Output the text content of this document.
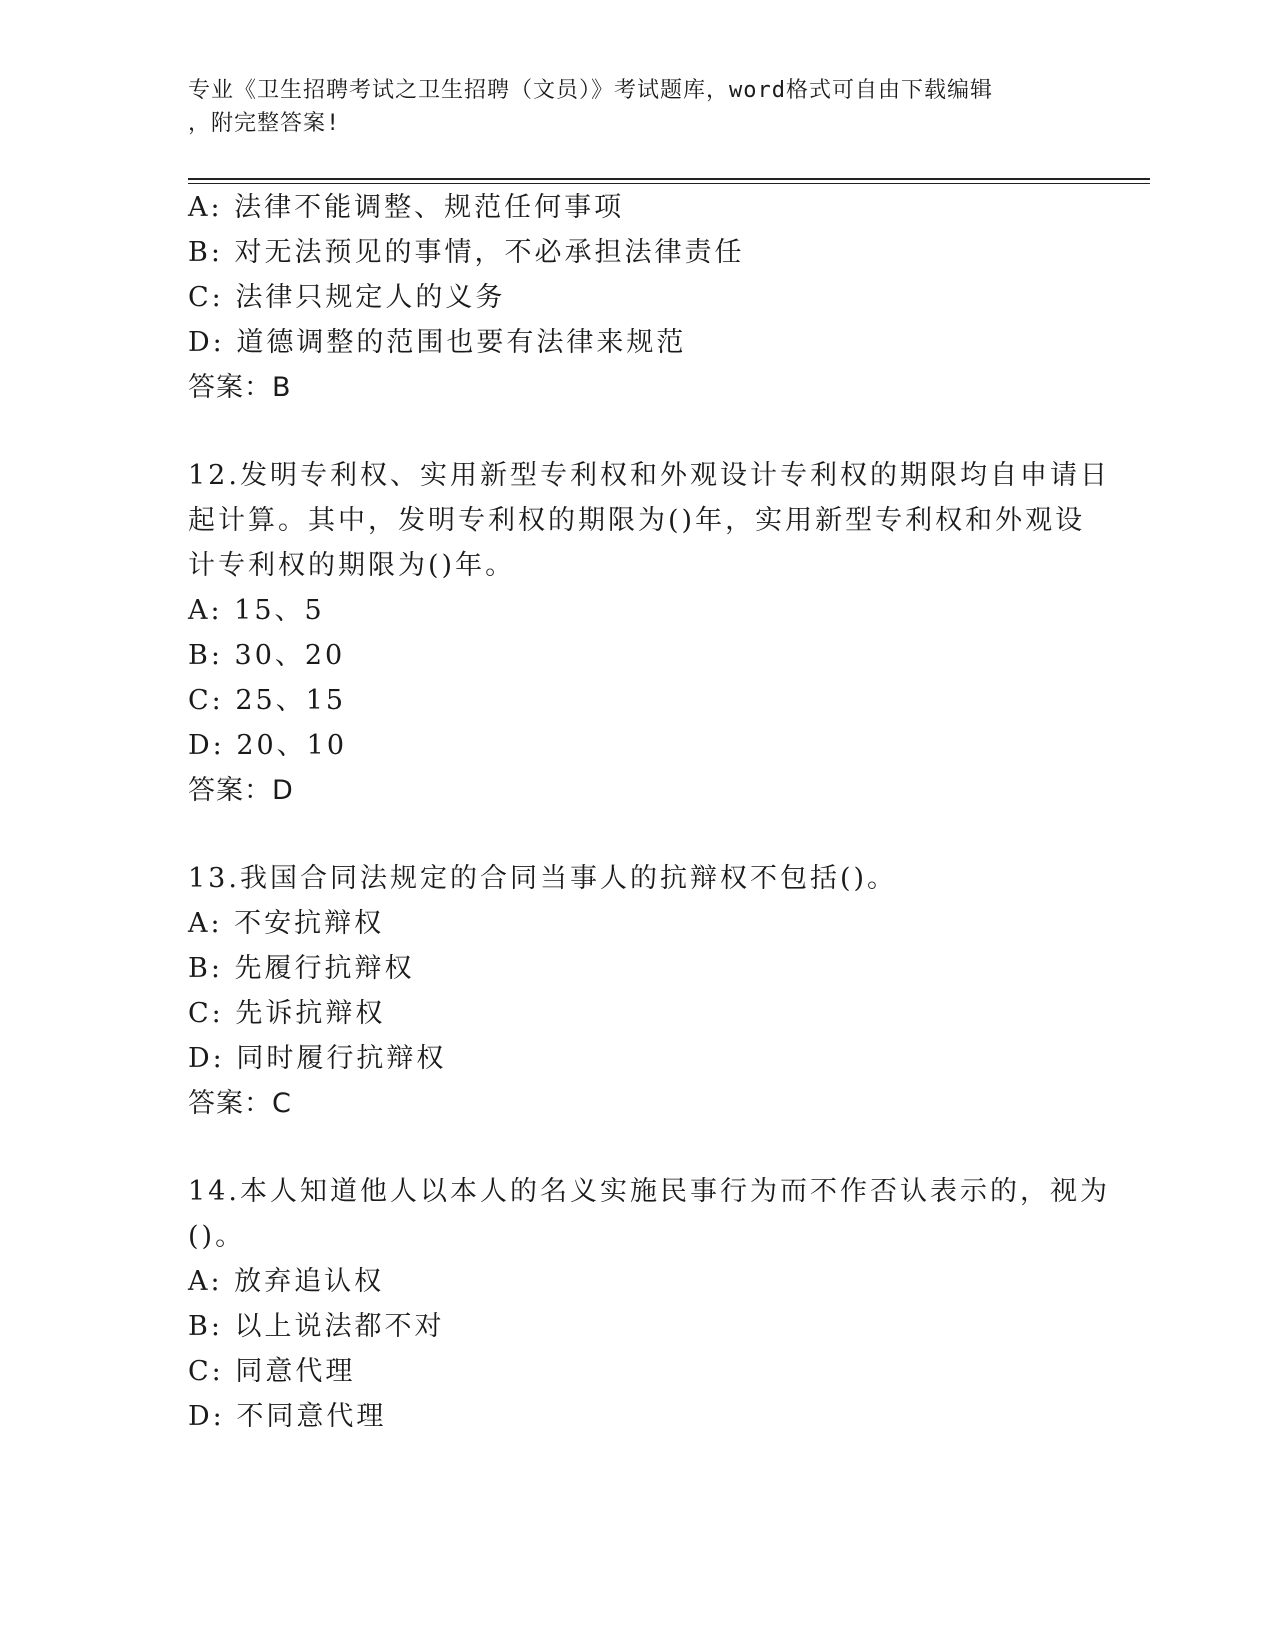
专业《卫生招聘考试之卫生招聘（文员）》考试题库，word格式可自由下载编辑
，附完整答案!
A: 法律不能调整、规范任何事项
B: 对无法预见的事情，不必承担法律责任
C: 法律只规定人的义务
D: 道德调整的范围也要有法律来规范
答案：B
12.发明专利权、实用新型专利权和外观设计专利权的期限均自申请日
起计算。其中，发明专利权的期限为()年，实用新型专利权和外观设
计专利权的期限为()年。
A: 15、5
B: 30、20
C: 25、15
D: 20、10
答案：D
13.我国合同法规定的合同当事人的抗辩权不包括()。
A: 不安抗辩权
B: 先履行抗辩权
C: 先诉抗辩权
D: 同时履行抗辩权
答案：C
14.本人知道他人以本人的名义实施民事行为而不作否认表示的，视为
()。
A: 放弃追认权
B: 以上说法都不对
C: 同意代理
D: 不同意代理
